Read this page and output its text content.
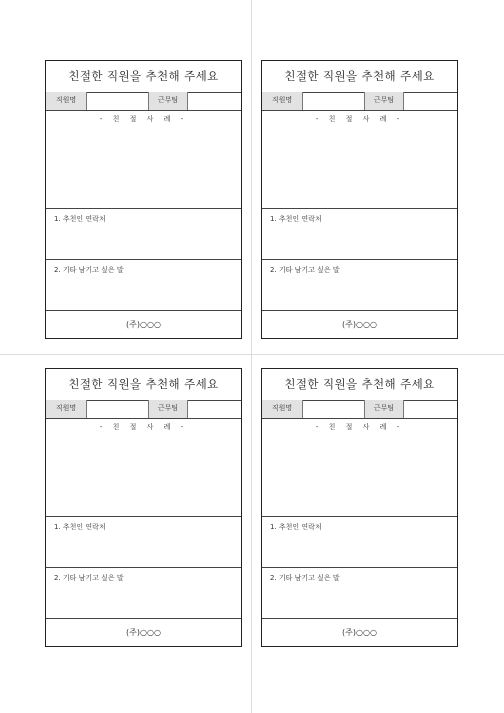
친절한 직원을 추천해 주세요
직원명	근무팀
- 친 절 사 례 -
1. 추천인 연락처
2. 기타 남기고 싶은 말
(주)○○○
친절한 직원을 추천해 주세요
직원명	근무팀
- 친 절 사 례 -
1. 추천인 연락처
2. 기타 남기고 싶은 말
(주)○○○
친절한 직원을 추천해 주세요
직원명	근무팀
- 친 절 사 례 -
1. 추천인 연락처
2. 기타 남기고 싶은 말
(주)○○○
친절한 직원을 추천해 주세요
직원명	근무팀
- 친 절 사 례 -
1. 추천인 연락처
2. 기타 남기고 싶은 말
(주)○○○
